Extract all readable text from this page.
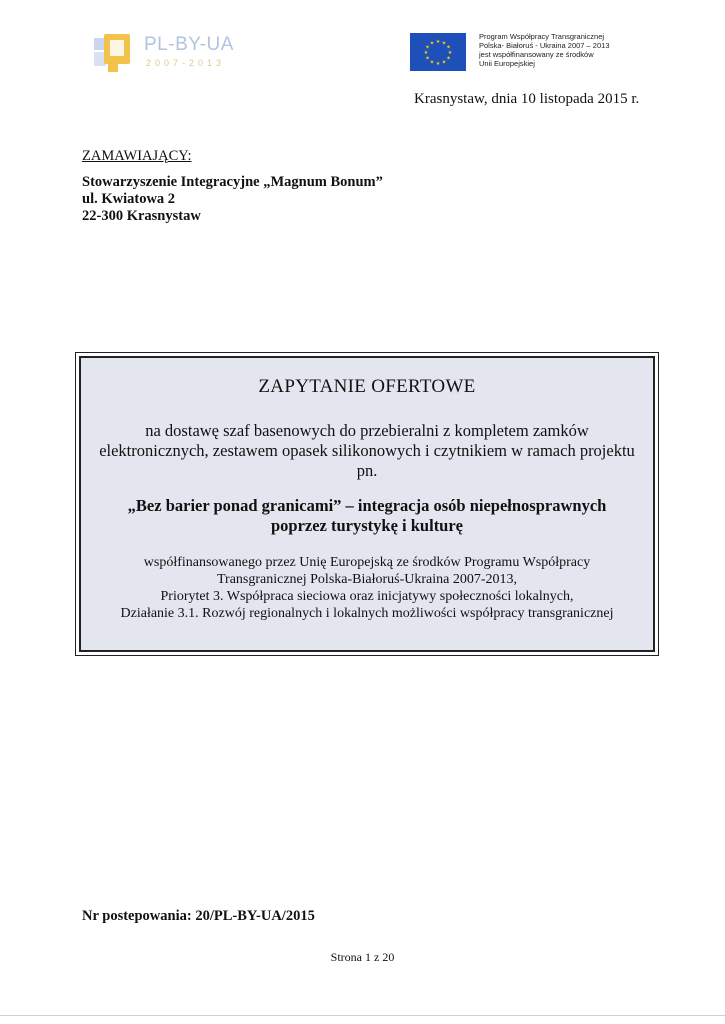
PL-BY-UA
2007-2013
★ ★
★
★
★
★
★
★
★
★
★
★
Program Współpracy Transgranicznej
Polska- Białoruś - Ukraina 2007 – 2013
jest współfinansowany ze środków
Unii Europejskiej
Krasnystaw, dnia 10 listopada 2015 r.
ZAMAWIAJĄCY:
Stowarzyszenie Integracyjne „Magnum Bonum”
ul. Kwiatowa 2
22-300 Krasnystaw
ZAPYTANIE OFERTOWE
na dostawę szaf basenowych do przebieralni z kompletem zamków elektronicznych, zestawem opasek silikonowych i czytnikiem w ramach projektu pn.
„Bez barier ponad granicami” – integracja osób niepełnosprawnych
poprzez turystykę i kulturę
współfinansowanego przez Unię Europejską ze środków Programu Współpracy
Transgranicznej Polska-Białoruś-Ukraina 2007-2013,
Priorytet 3. Współpraca sieciowa oraz inicjatywy społeczności lokalnych,
Działanie 3.1. Rozwój regionalnych i lokalnych możliwości współpracy transgranicznej
Nr postepowania: 20/PL-BY-UA/2015
Strona 1 z 20
